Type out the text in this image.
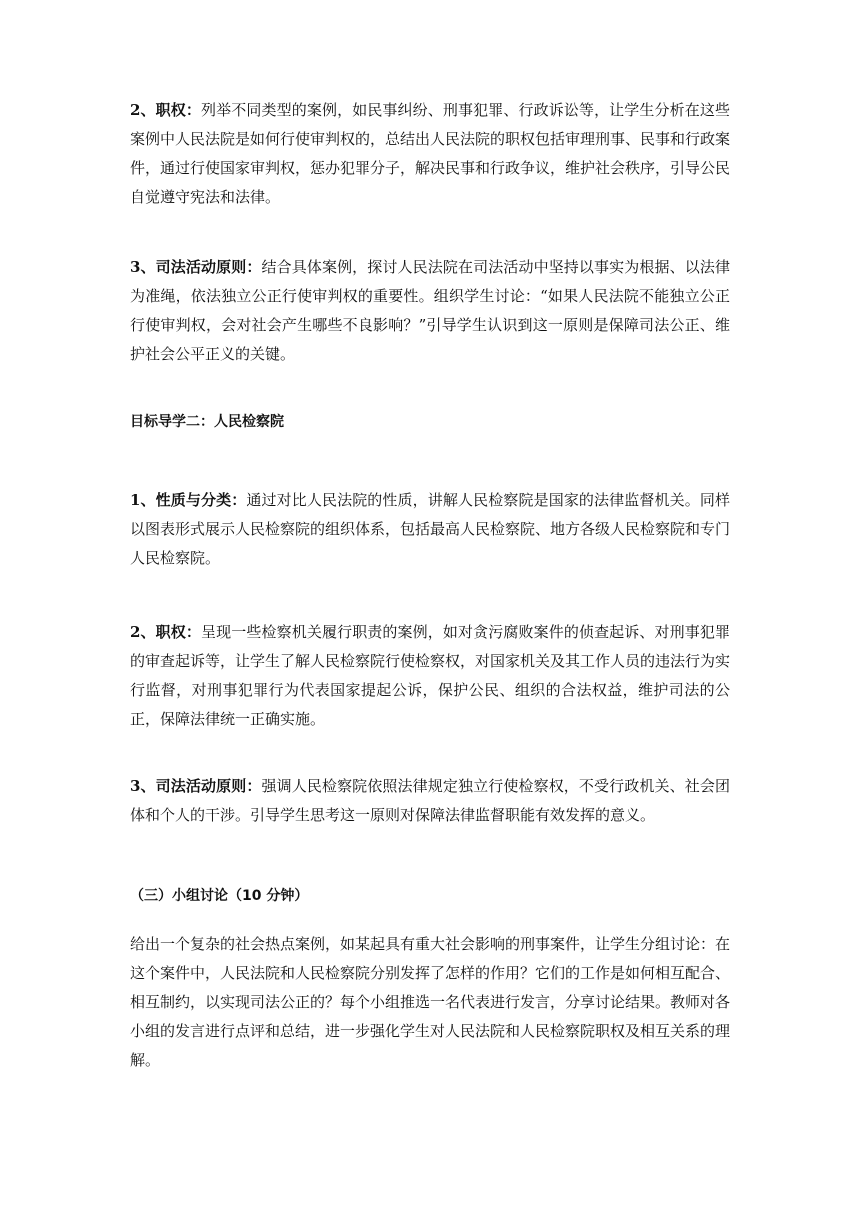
2、职权：列举不同类型的案例，如民事纠纷、刑事犯罪、行政诉讼等，让学生分析在这些案例中人民法院是如何行使审判权的，总结出人民法院的职权包括审理刑事、民事和行政案件，通过行使国家审判权，惩办犯罪分子，解决民事和行政争议，维护社会秩序，引导公民自觉遵守宪法和法律。

3、司法活动原则：结合具体案例，探讨人民法院在司法活动中坚持以事实为根据、以法律为准绳，依法独立公正行使审判权的重要性。组织学生讨论：“如果人民法院不能独立公正行使审判权，会对社会产生哪些不良影响？”引导学生认识到这一原则是保障司法公正、维护社会公平正义的关键。

目标导学二：人民检察院

1、性质与分类：通过对比人民法院的性质，讲解人民检察院是国家的法律监督机关。同样以图表形式展示人民检察院的组织体系，包括最高人民检察院、地方各级人民检察院和专门人民检察院。

2、职权：呈现一些检察机关履行职责的案例，如对贪污腐败案件的侦查起诉、对刑事犯罪的审查起诉等，让学生了解人民检察院行使检察权，对国家机关及其工作人员的违法行为实行监督，对刑事犯罪行为代表国家提起公诉，保护公民、组织的合法权益，维护司法的公正，保障法律统一正确实施。

3、司法活动原则：强调人民检察院依照法律规定独立行使检察权，不受行政机关、社会团体和个人的干涉。引导学生思考这一原则对保障法律监督职能有效发挥的意义。

（三）小组讨论（10 分钟）

给出一个复杂的社会热点案例，如某起具有重大社会影响的刑事案件，让学生分组讨论：在这个案件中，人民法院和人民检察院分别发挥了怎样的作用？它们的工作是如何相互配合、相互制约，以实现司法公正的？每个小组推选一名代表进行发言，分享讨论结果。教师对各小组的发言进行点评和总结，进一步强化学生对人民法院和人民检察院职权及相互关系的理解。
